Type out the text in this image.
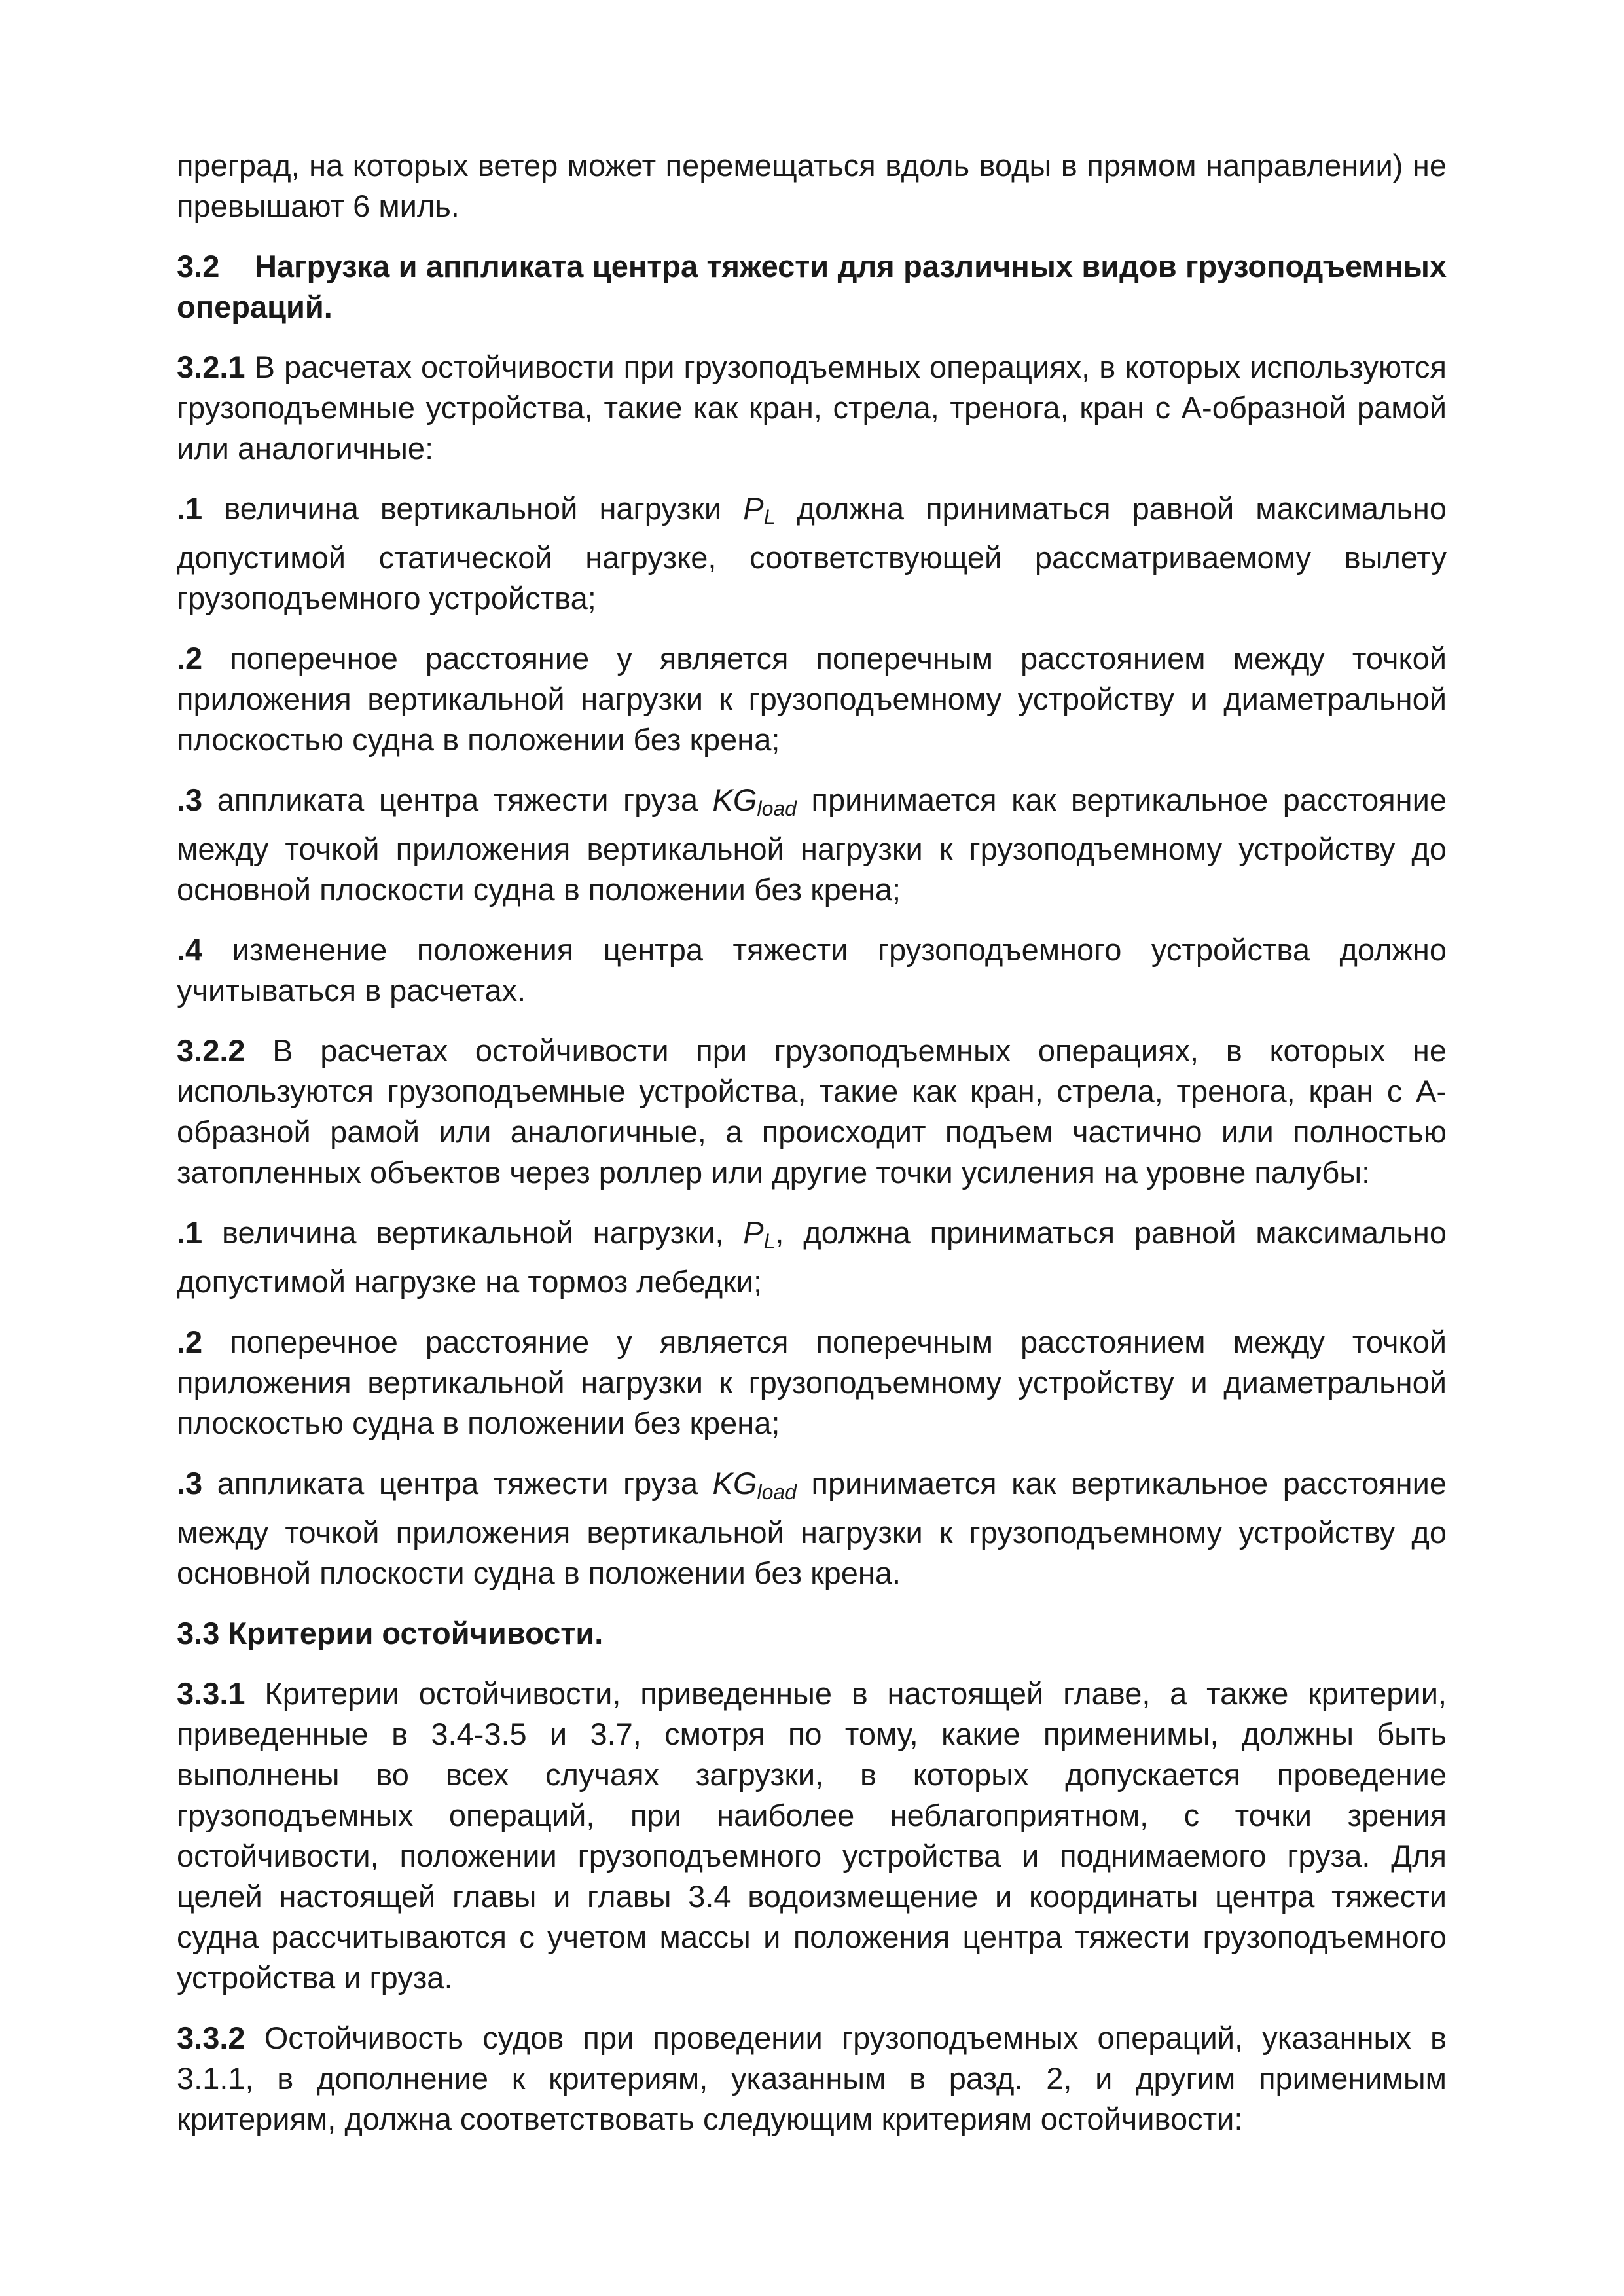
преград, на которых ветер может перемещаться вдоль воды в прямом направлении) не превышают 6 миль.

3.2 Нагрузка и аппликата центра тяжести для различных видов грузоподъемных операций.

3.2.1 В расчетах остойчивости при грузоподъемных операциях, в которых используются грузоподъемные устройства, такие как кран, стрела, тренога, кран с А-образной рамой или аналогичные:

.1 величина вертикальной нагрузки $P_L$ должна приниматься равной максимально допустимой статической нагрузке, соответствующей рассматриваемому вылету грузоподъемного устройства;

.2 поперечное расстояние y является поперечным расстоянием между точкой приложения вертикальной нагрузки к грузоподъемному устройству и диаметральной плоскостью судна в положении без крена;

.3 аппликата центра тяжести груза $KG_{load}$ принимается как вертикальное расстояние между точкой приложения вертикальной нагрузки к грузоподъемному устройству до основной плоскости судна в положении без крена;

.4 изменение положения центра тяжести грузоподъемного устройства должно учитываться в расчетах.

3.2.2 В расчетах остойчивости при грузоподъемных операциях, в которых не используются грузоподъемные устройства, такие как кран, стрела, тренога, кран с А-образной рамой или аналогичные, а происходит подъем частично или полностью затопленных объектов через роллер или другие точки усиления на уровне палубы:

.1 величина вертикальной нагрузки, $P_L$, должна приниматься равной максимально допустимой нагрузке на тормоз лебедки;

.2 поперечное расстояние y является поперечным расстоянием между точкой приложения вертикальной нагрузки к грузоподъемному устройству и диаметральной плоскостью судна в положении без крена;

.3 аппликата центра тяжести груза $KG_{load}$ принимается как вертикальное расстояние между точкой приложения вертикальной нагрузки к грузоподъемному устройству до основной плоскости судна в положении без крена.

3.3 Критерии остойчивости.

3.3.1 Критерии остойчивости, приведенные в настоящей главе, а также критерии, приведенные в 3.4-3.5 и 3.7, смотря по тому, какие применимы, должны быть выполнены во всех случаях загрузки, в которых допускается проведение грузоподъемных операций, при наиболее неблагоприятном, с точки зрения остойчивости, положении грузоподъемного устройства и поднимаемого груза. Для целей настоящей главы и главы 3.4 водоизмещение и координаты центра тяжести судна рассчитываются с учетом массы и положения центра тяжести грузоподъемного устройства и груза.

3.3.2 Остойчивость судов при проведении грузоподъемных операций, указанных в 3.1.1, в дополнение к критериям, указанным в разд. 2, и другим применимым критериям, должна соответствовать следующим критериям остойчивости:
